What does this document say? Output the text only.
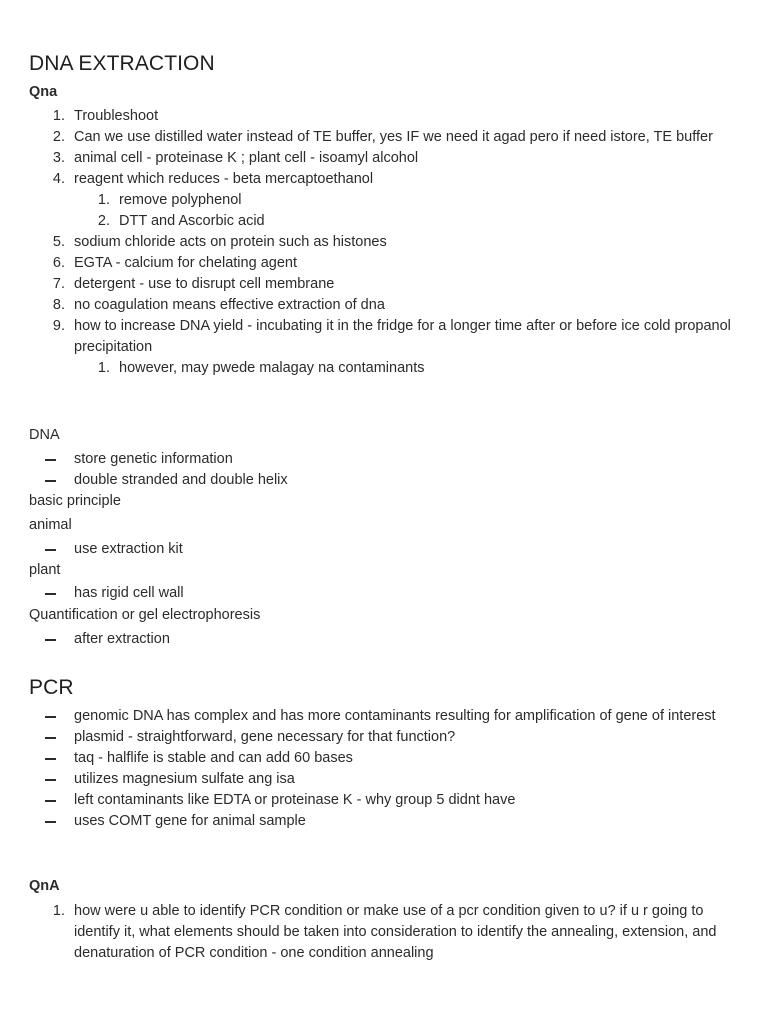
DNA EXTRACTION
Qna
1. Troubleshoot
2. Can we use distilled water instead of TE buffer, yes IF we need it agad pero if need istore, TE buffer
3. animal cell - proteinase K ; plant cell - isoamyl alcohol
4. reagent which reduces - beta mercaptoethanol
1. remove polyphenol
2. DTT and Ascorbic acid
5. sodium chloride acts on protein such as histones
6. EGTA - calcium for chelating agent
7. detergent - use to disrupt cell membrane
8. no coagulation means effective extraction of dna
9. how to increase DNA yield - incubating it in the fridge for a longer time after or before ice cold propanol precipitation
1. however, may pwede malagay na contaminants
DNA
store genetic information
double stranded and double helix
basic principle
animal
use extraction kit
plant
has rigid cell wall
Quantification or gel electrophoresis
after extraction
PCR
genomic DNA has complex and has more contaminants resulting for amplification of gene of interest
plasmid - straightforward, gene necessary for that function?
taq - halflife is stable and can add 60 bases
utilizes magnesium sulfate ang isa
left contaminants like EDTA or proteinase K - why group 5 didnt have
uses COMT gene for animal sample
QnA
1. how were u able to identify PCR condition or make use of a pcr condition given to u? if u r going to identify it, what elements should be taken into consideration to identify the annealing, extension, and denaturation of PCR condition - one condition annealing
